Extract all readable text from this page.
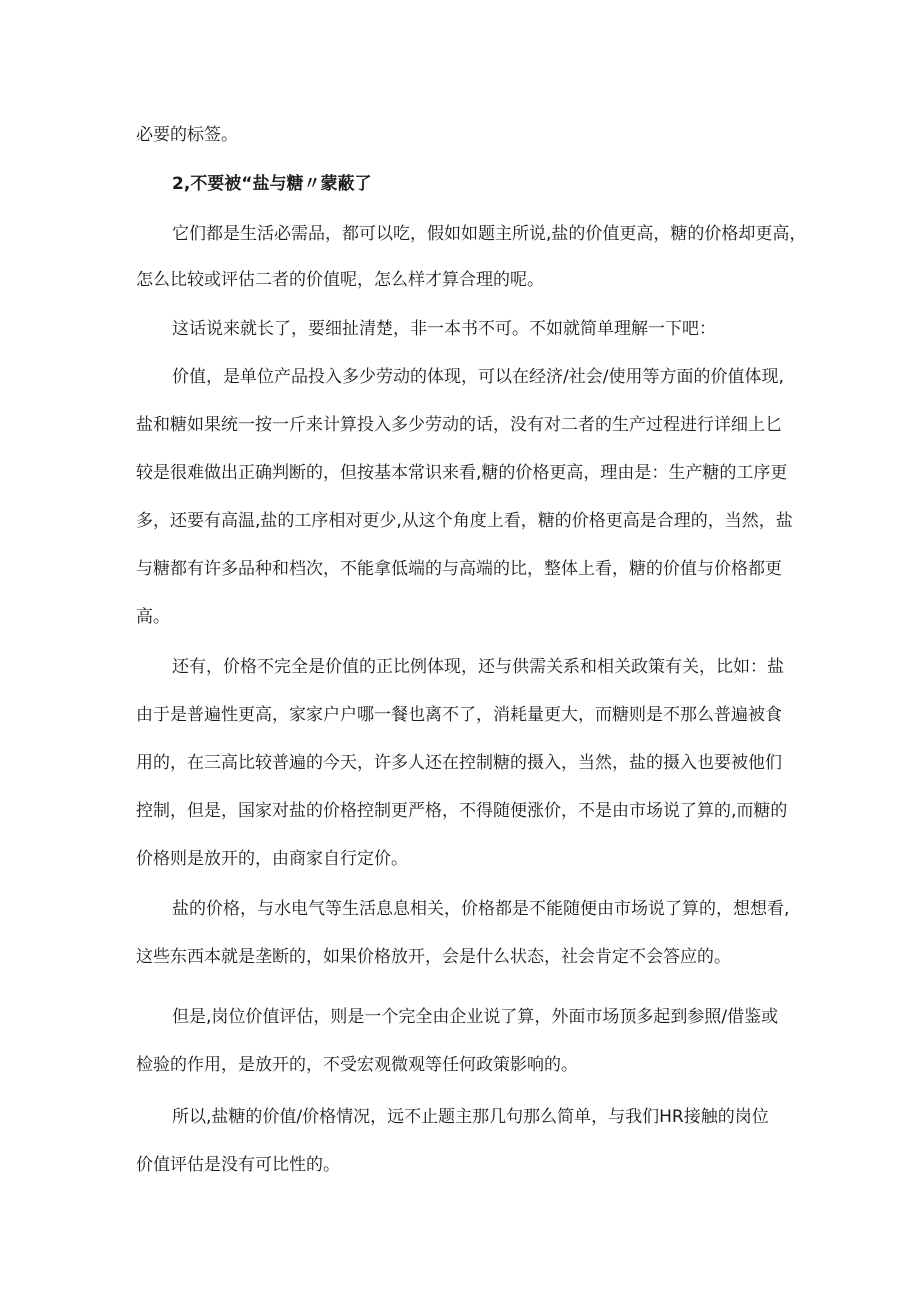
必要的标签。
2,不要被“盐与糖〃蒙蔽了
它们都是生活必需品，都可以吃，假如如题主所说,盐的价值更高，糖的价格却更高，
怎么比较或评估二者的价值呢，怎么样才算合理的呢。
这话说来就长了，要细扯清楚，非一本书不可。不如就简单理解一下吧：
价值，是单位产品投入多少劳动的体现，可以在经济/社会/使用等方面的价值体现,
盐和糖如果统一按一斤来计算投入多少劳动的话，没有对二者的生产过程进行详细上匕
较是很难做出正确判断的，但按基本常识来看,糖的价格更高，理由是：生产糖的工序更
多，还要有高温,盐的工序相对更少,从这个角度上看，糖的价格更高是合理的，当然，盐
与糖都有许多品种和档次，不能拿低端的与高端的比，整体上看，糖的价值与价格都更
高。
还有，价格不完全是价值的正比例体现，还与供需关系和相关政策有关，比如：盐
由于是普遍性更高，家家户户哪一餐也离不了，消耗量更大，而糖则是不那么普遍被食
用的，在三高比较普遍的今天，许多人还在控制糖的摄入，当然，盐的摄入也要被他们
控制，但是，国家对盐的价格控制更严格，不得随便涨价，不是由市场说了算的,而糖的
价格则是放开的，由商家自行定价。
盐的价格，与水电气等生活息息相关，价格都是不能随便由市场说了算的，想想看,
这些东西本就是垄断的，如果价格放开，会是什么状态，社会肯定不会答应的。
但是,岗位价值评估，则是一个完全由企业说了算，外面市场顶多起到参照/借鉴或
检验的作用，是放开的，不受宏观微观等任何政策影响的。
所以,盐糖的价值/价格情况，远不止题主那几句那么简单，与我们HR接触的岗位
价值评估是没有可比性的。
